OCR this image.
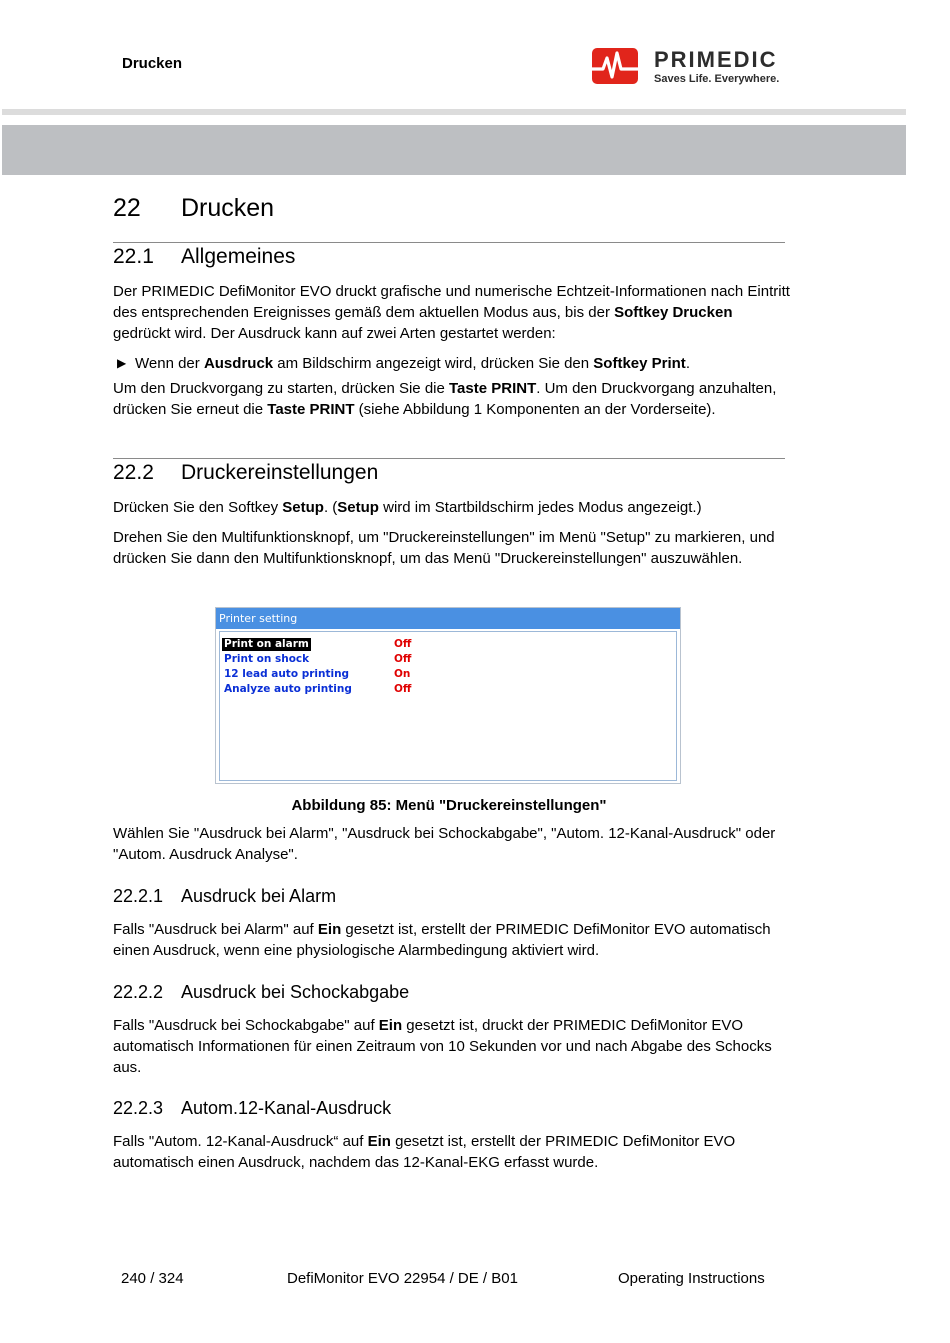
Drucken	PRIMEDIC
Saves Life. Everywhere.
22 Drucken
22.1 Allgemeines
Der PRIMEDIC DefiMonitor EVO druckt grafische und numerische Echtzeit-Informationen nach Eintritt des entsprechenden Ereignisses gemäß dem aktuellen Modus aus, bis der Softkey Drucken gedrückt wird. Der Ausdruck kann auf zwei Arten gestartet werden:
▶ Wenn der Ausdruck am Bildschirm angezeigt wird, drücken Sie den Softkey Print.
Um den Druckvorgang zu starten, drücken Sie die Taste PRINT. Um den Druckvorgang anzuhalten, drücken Sie erneut die Taste PRINT (siehe Abbildung 1 Komponenten an der Vorderseite).
22.2 Druckereinstellungen
Drücken Sie den Softkey Setup. (Setup wird im Startbildschirm jedes Modus angezeigt.)
Drehen Sie den Multifunktionsknopf, um "Druckereinstellungen" im Menü "Setup" zu markieren, und drücken Sie dann den Multifunktionsknopf, um das Menü "Druckereinstellungen" auszuwählen.
Printer setting
Print on alarm	Off
Print on shock	Off
12 lead auto printing	On
Analyze auto printing	Off
Abbildung 85: Menü "Druckereinstellungen"
Wählen Sie "Ausdruck bei Alarm", "Ausdruck bei Schockabgabe", "Autom. 12-Kanal-Ausdruck" oder "Autom. Ausdruck Analyse".
22.2.1 Ausdruck bei Alarm
Falls "Ausdruck bei Alarm" auf Ein gesetzt ist, erstellt der PRIMEDIC DefiMonitor EVO automatisch einen Ausdruck, wenn eine physiologische Alarmbedingung aktiviert wird.
22.2.2 Ausdruck bei Schockabgabe
Falls "Ausdruck bei Schockabgabe" auf Ein gesetzt ist, druckt der PRIMEDIC DefiMonitor EVO automatisch Informationen für einen Zeitraum von 10 Sekunden vor und nach Abgabe des Schocks aus.
22.2.3 Autom.12-Kanal-Ausdruck
Falls "Autom. 12-Kanal-Ausdruck“ auf Ein gesetzt ist, erstellt der PRIMEDIC DefiMonitor EVO automatisch einen Ausdruck, nachdem das 12-Kanal-EKG erfasst wurde.
240 / 324	DefiMonitor EVO 22954 / DE / B01	Operating Instructions
